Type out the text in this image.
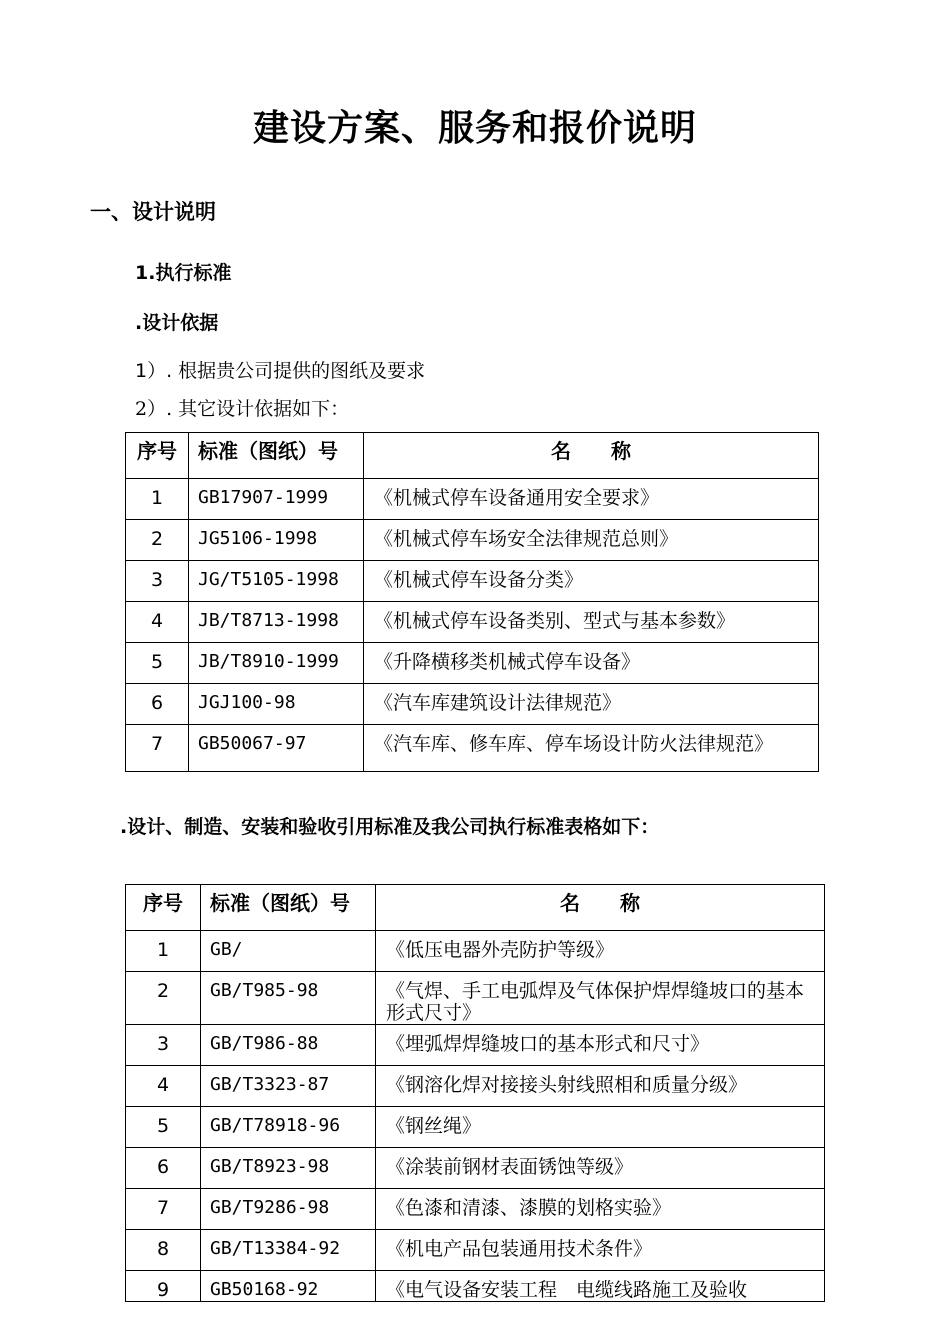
建设方案、服务和报价说明
一、设计说明
1.执行标准
.设计依据
1）. 根据贵公司提供的图纸及要求
2）. 其它设计依据如下：
序号	标准（图纸）号	名　　称
1	GB17907-1999	《机械式停车设备通用安全要求》
2	JG5106-1998	《机械式停车场安全法律规范总则》
3	JG/T5105-1998	《机械式停车设备分类》
4	JB/T8713-1998	《机械式停车设备类别、型式与基本参数》
5	JB/T8910-1999	《升降横移类机械式停车设备》
6	JGJ100-98	《汽车库建筑设计法律规范》
7	GB50067-97	《汽车库、修车库、停车场设计防火法律规范》
.设计、制造、安装和验收引用标准及我公司执行标准表格如下：
序号	标准（图纸）号	名　　称
1	GB/	《低压电器外壳防护等级》
2	GB/T985-98	《气焊、手工电弧焊及气体保护焊焊缝坡口的基本形式尺寸》
3	GB/T986-88	《埋弧焊焊缝坡口的基本形式和尺寸》
4	GB/T3323-87	《钢溶化焊对接接头射线照相和质量分级》
5	GB/T78918-96	《钢丝绳》
6	GB/T8923-98	《涂装前钢材表面锈蚀等级》
7	GB/T9286-98	《色漆和清漆、漆膜的划格实验》
8	GB/T13384-92	《机电产品包装通用技术条件》
9	GB50168-92	《电气设备安装工程　电缆线路施工及验收
